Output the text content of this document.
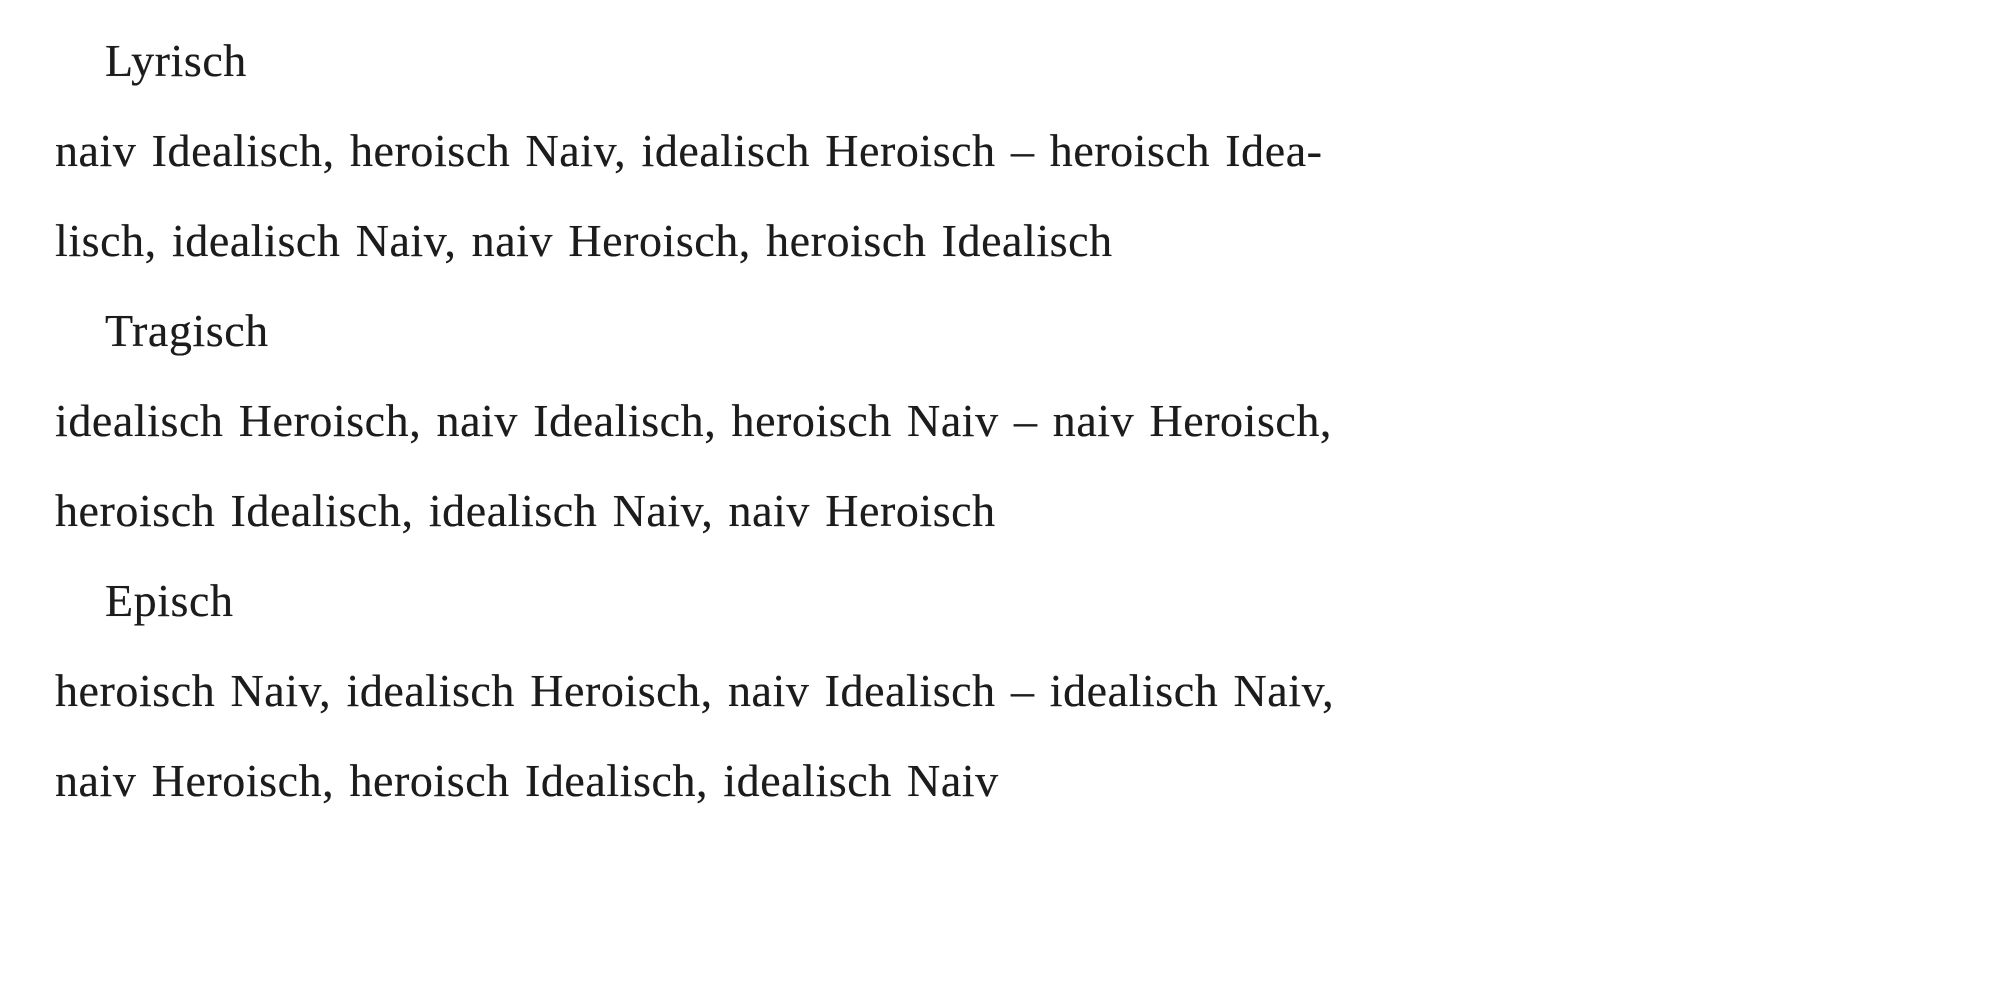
Lyrisch
naiv Idealisch, heroisch Naiv, idealisch Heroisch – heroisch Idea-
lisch, idealisch Naiv, naiv Heroisch, heroisch Idealisch
Tragisch
idealisch Heroisch, naiv Idealisch, heroisch Naiv – naiv Heroisch,
heroisch Idealisch, idealisch Naiv, naiv Heroisch
Episch
heroisch Naiv, idealisch Heroisch, naiv Idealisch – idealisch Naiv,
naiv Heroisch, heroisch Idealisch, idealisch Naiv
